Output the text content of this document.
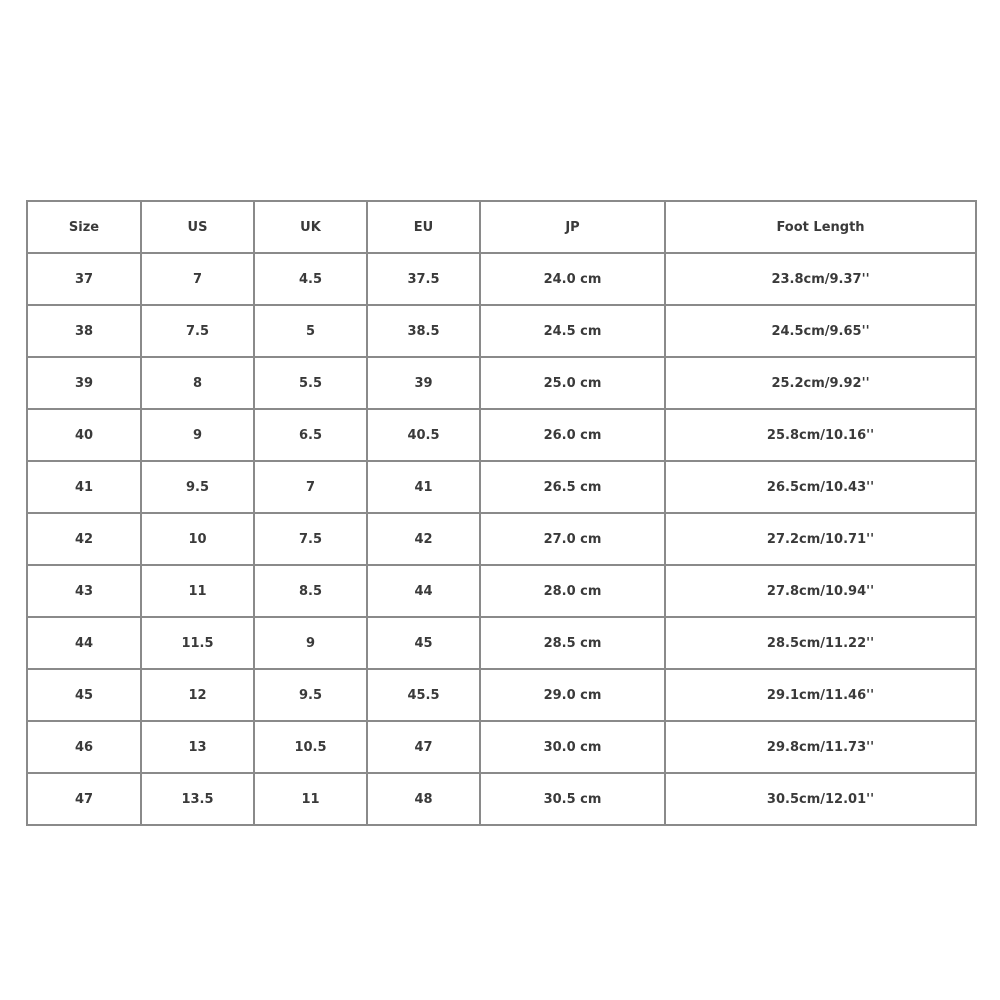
Size	US	UK	EU	JP	Foot Length
37	7	4.5	37.5	24.0 cm	23.8cm/9.37''
38	7.5	5	38.5	24.5 cm	24.5cm/9.65''
39	8	5.5	39	25.0 cm	25.2cm/9.92''
40	9	6.5	40.5	26.0 cm	25.8cm/10.16''
41	9.5	7	41	26.5 cm	26.5cm/10.43''
42	10	7.5	42	27.0 cm	27.2cm/10.71''
43	11	8.5	44	28.0 cm	27.8cm/10.94''
44	11.5	9	45	28.5 cm	28.5cm/11.22''
45	12	9.5	45.5	29.0 cm	29.1cm/11.46''
46	13	10.5	47	30.0 cm	29.8cm/11.73''
47	13.5	11	48	30.5 cm	30.5cm/12.01''
